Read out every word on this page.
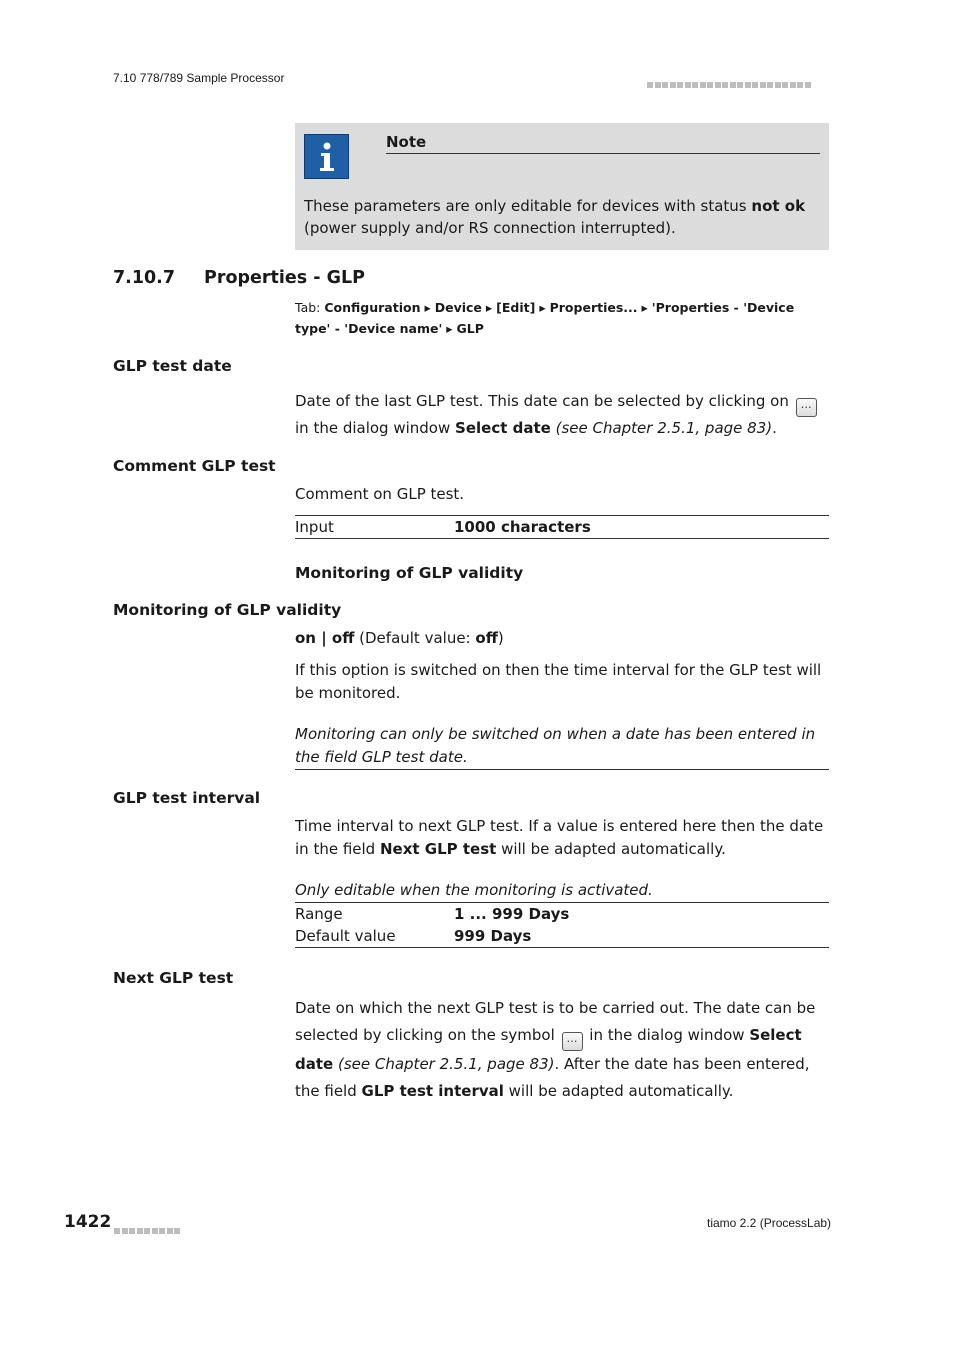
7.10 778/789 Sample Processor
Note
These parameters are only editable for devices with status not ok (power supply and/or RS connection interrupted).
7.10.7 Properties - GLP
Tab: Configuration ▸ Device ▸ [Edit] ▸ Properties... ▸ 'Properties - 'Device type' - 'Device name' ▸ GLP
GLP test date
Date of the last GLP test. This date can be selected by clicking on … in the dialog window Select date (see Chapter 2.5.1, page 83).
Comment GLP test
Comment on GLP test.
Input	1000 characters
Monitoring of GLP validity
Monitoring of GLP validity
on | off (Default value: off)
If this option is switched on then the time interval for the GLP test will be monitored.
Monitoring can only be switched on when a date has been entered in the field GLP test date.
GLP test interval
Time interval to next GLP test. If a value is entered here then the date in the field Next GLP test will be adapted automatically.
Only editable when the monitoring is activated.
Range	1 ... 999 Days
Default value	999 Days
Next GLP test
Date on which the next GLP test is to be carried out. The date can be selected by clicking on the symbol … in the dialog window Select date (see Chapter 2.5.1, page 83). After the date has been entered, the field GLP test interval will be adapted automatically.
1422	tiamo 2.2 (ProcessLab)
